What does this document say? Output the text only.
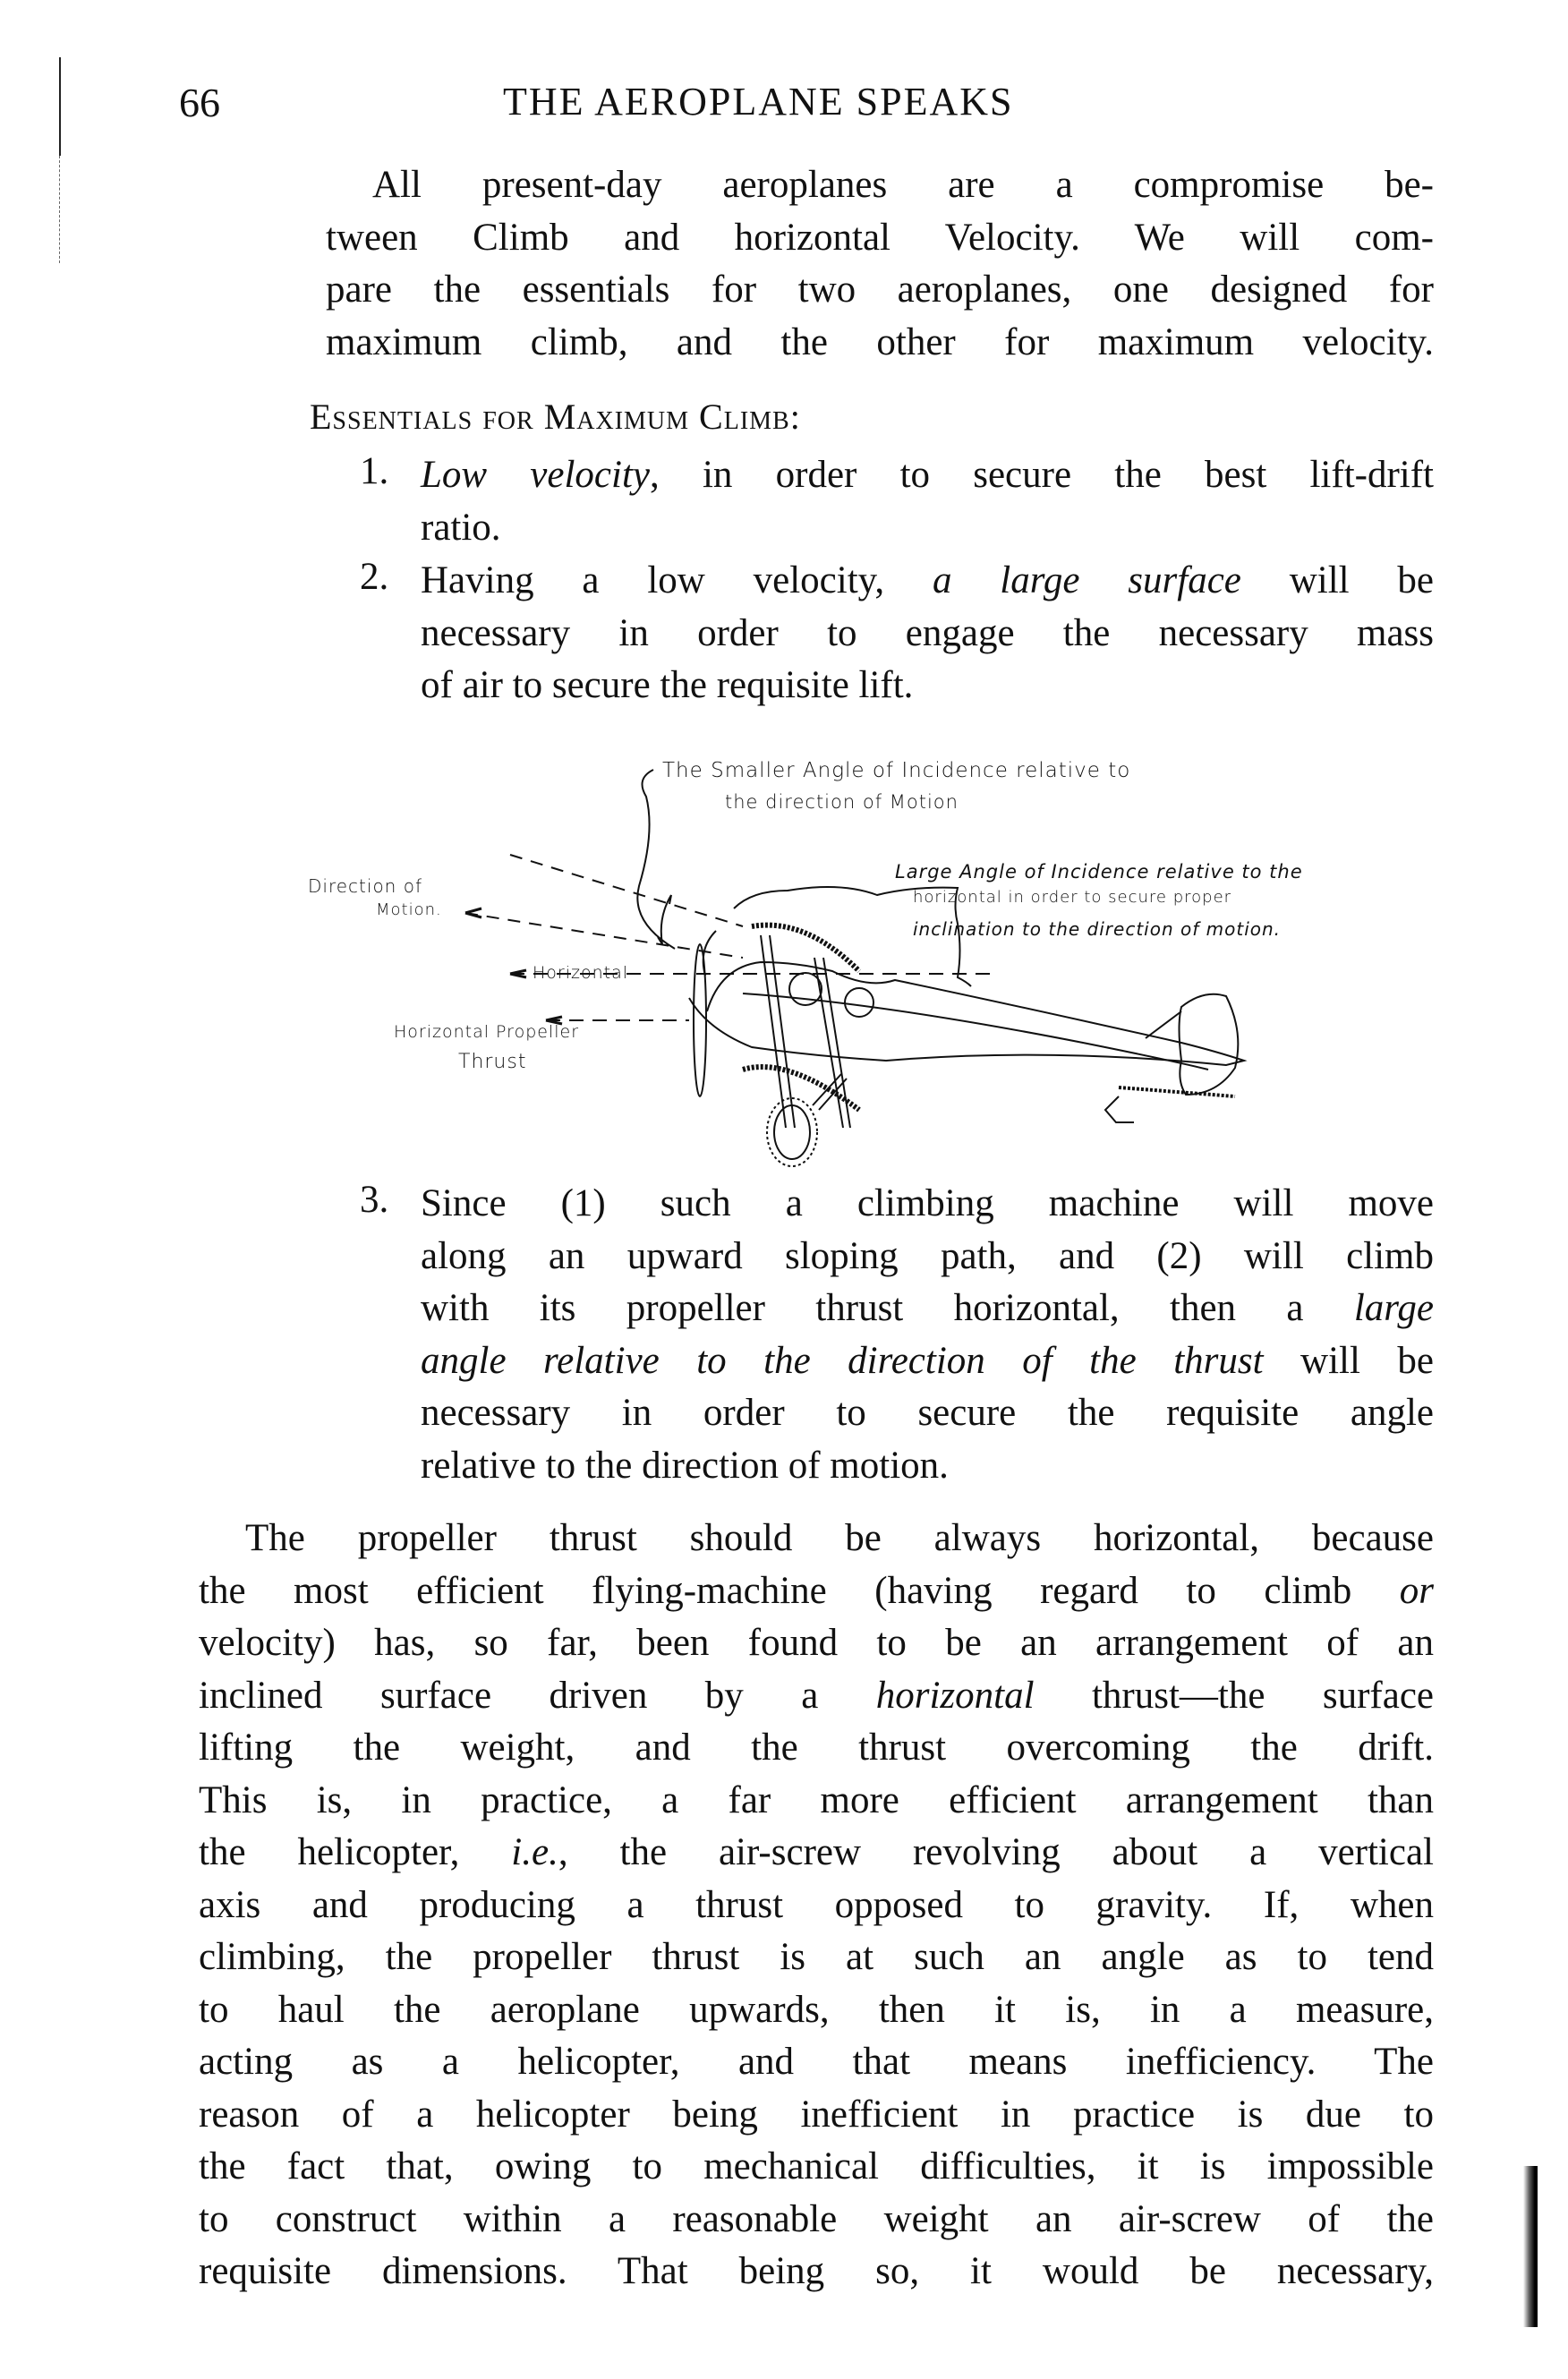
66	THE AEROPLANE SPEAKS
All present-day aeroplanes are a compromise be-
tween Climb and horizontal Velocity. We will com-
pare the essentials for two aeroplanes, one designed for
maximum climb, and the other for maximum velocity.
Essentials for Maximum Climb:
1. Low velocity, in order to secure the best lift-drift
ratio.
2. Having a low velocity, a large surface will be
necessary in order to engage the necessary mass
of air to secure the requisite lift.
The Smaller Angle of Incidence relative to
the direction of Motion
Large Angle of Incidence relative to the
horizontal in order to secure proper
inclination to the direction of motion.
Direction of
Motion.
Horizontal
Horizontal Propeller
Thrust
3. Since (1) such a climbing machine will move
along an upward sloping path, and (2) will climb
with its propeller thrust horizontal, then a large
angle relative to the direction of the thrust will be
necessary in order to secure the requisite angle
relative to the direction of motion.
The propeller thrust should be always horizontal, because
the most efficient flying-machine (having regard to climb or
velocity) has, so far, been found to be an arrangement of an
inclined surface driven by a horizontal thrust—the surface
lifting the weight, and the thrust overcoming the drift.
This is, in practice, a far more efficient arrangement than
the helicopter, i.e., the air-screw revolving about a vertical
axis and producing a thrust opposed to gravity. If, when
climbing, the propeller thrust is at such an angle as to tend
to haul the aeroplane upwards, then it is, in a measure,
acting as a helicopter, and that means inefficiency. The
reason of a helicopter being inefficient in practice is due to
the fact that, owing to mechanical difficulties, it is impossible
to construct within a reasonable weight an air-screw of the
requisite dimensions. That being so, it would be necessary,
